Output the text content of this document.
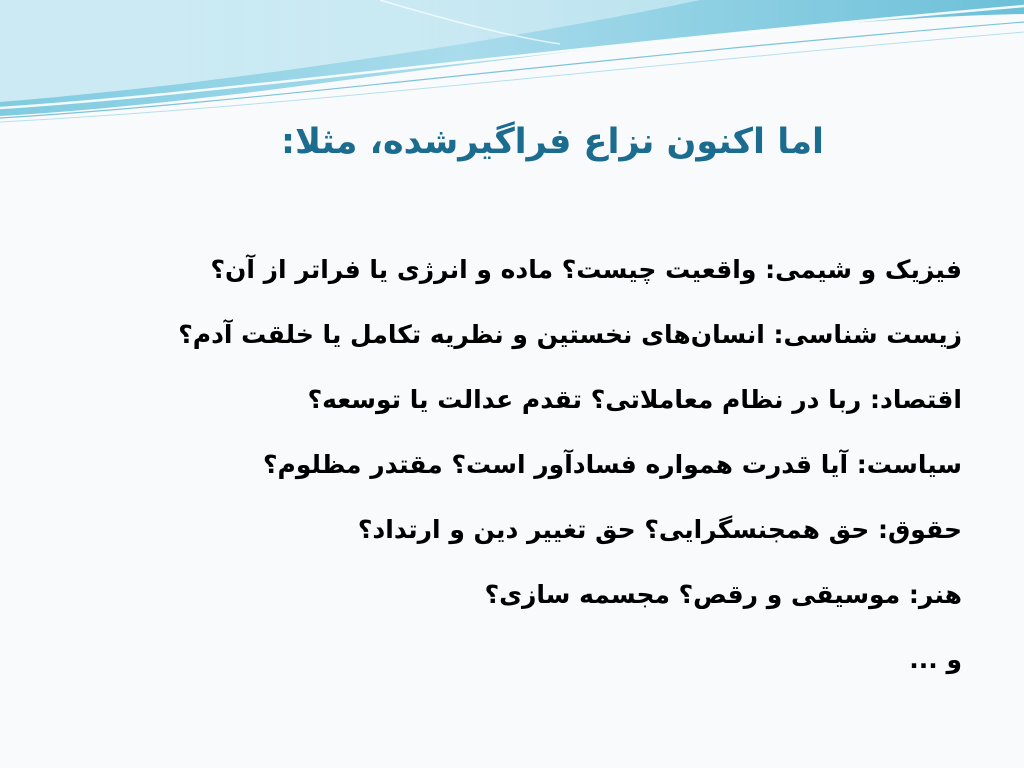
اما اکنون نزاع فراگیر‌شده، مثلا:
فیزیک و شیمی: واقعیت چیست؟ ماده و انرژی یا فراتر از آن؟
زیست شناسی: انسان‌های نخستین و نظریه تکامل یا خلقت آدم؟
اقتصاد: ربا در نظام معاملاتی؟ تقدم عدالت یا توسعه؟
سیاست: آیا قدرت همواره فساد‌آور است؟ مقتدر مظلوم؟
حقوق: حق همجنسگرایی؟ حق تغییر دین و ارتداد؟
هنر: موسیقی و رقص؟ مجسمه سازی؟
و ...
